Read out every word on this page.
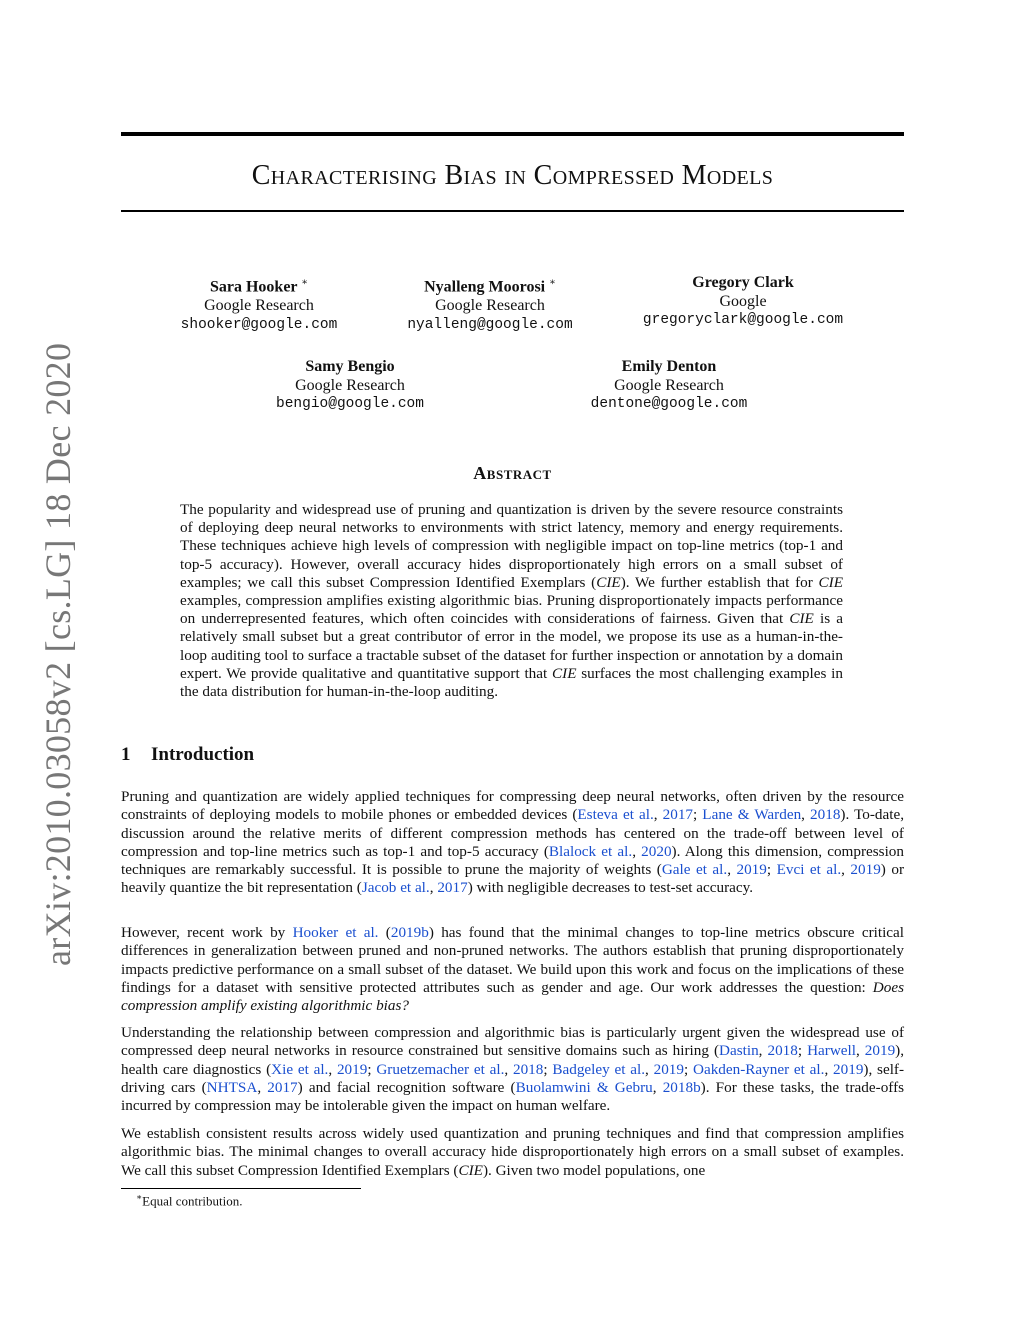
arXiv:2010.03058v2 [cs.LG] 18 Dec 2020
Characterising Bias in Compressed Models
Sara Hooker ∗
Google Research
shooker@google.com
Nyalleng Moorosi ∗
Google Research
nyalleng@google.com
Gregory Clark
Google
gregoryclark@google.com
Samy Bengio
Google Research
bengio@google.com
Emily Denton
Google Research
dentone@google.com
Abstract

The popularity and widespread use of pruning and quantization is driven by the severe resource constraints of deploying deep neural networks to environments with strict latency, memory and energy requirements. These techniques achieve high levels of compression with negligible impact on top-line metrics (top-1 and top-5 accuracy). However, overall accuracy hides disproportionately high errors on a small subset of examples; we call this subset Compression Identified Exemplars (CIE). We further establish that for CIE examples, compression amplifies existing algorithmic bias. Pruning disproportionately impacts performance on underrepresented features, which often coincides with considerations of fairness. Given that CIE is a relatively small subset but a great contributor of error in the model, we propose its use as a human-in-the-loop auditing tool to surface a tractable subset of the dataset for further inspection or annotation by a domain expert. We provide qualitative and quantitative support that CIE surfaces the most challenging examples in the data distribution for human-in-the-loop auditing.

1 Introduction

Pruning and quantization are widely applied techniques for compressing deep neural networks, often driven by the resource constraints of deploying models to mobile phones or embedded devices (Esteva et al., 2017; Lane & Warden, 2018). To-date, discussion around the relative merits of different compression methods has centered on the trade-off between level of compression and top-line metrics such as top-1 and top-5 accuracy (Blalock et al., 2020). Along this dimension, compression techniques are remarkably successful. It is possible to prune the majority of weights (Gale et al., 2019; Evci et al., 2019) or heavily quantize the bit representation (Jacob et al., 2017) with negligible decreases to test-set accuracy.

However, recent work by Hooker et al. (2019b) has found that the minimal changes to top-line metrics obscure critical differences in generalization between pruned and non-pruned networks. The authors establish that pruning disproportionately impacts predictive performance on a small subset of the dataset. We build upon this work and focus on the implications of these findings for a dataset with sensitive protected attributes such as gender and age. Our work addresses the question: Does compression amplify existing algorithmic bias?

Understanding the relationship between compression and algorithmic bias is particularly urgent given the widespread use of compressed deep neural networks in resource constrained but sensitive domains such as hiring (Dastin, 2018; Harwell, 2019), health care diagnostics (Xie et al., 2019; Gruetzemacher et al., 2018; Badgeley et al., 2019; Oakden-Rayner et al., 2019), self-driving cars (NHTSA, 2017) and facial recognition software (Buolamwini & Gebru, 2018b). For these tasks, the trade-offs incurred by compression may be intolerable given the impact on human welfare.

We establish consistent results across widely used quantization and pruning techniques and find that compression amplifies algorithmic bias. The minimal changes to overall accuracy hide disproportionately high errors on a small subset of examples. We call this subset Compression Identified Exemplars (CIE). Given two model populations, one

∗Equal contribution.
